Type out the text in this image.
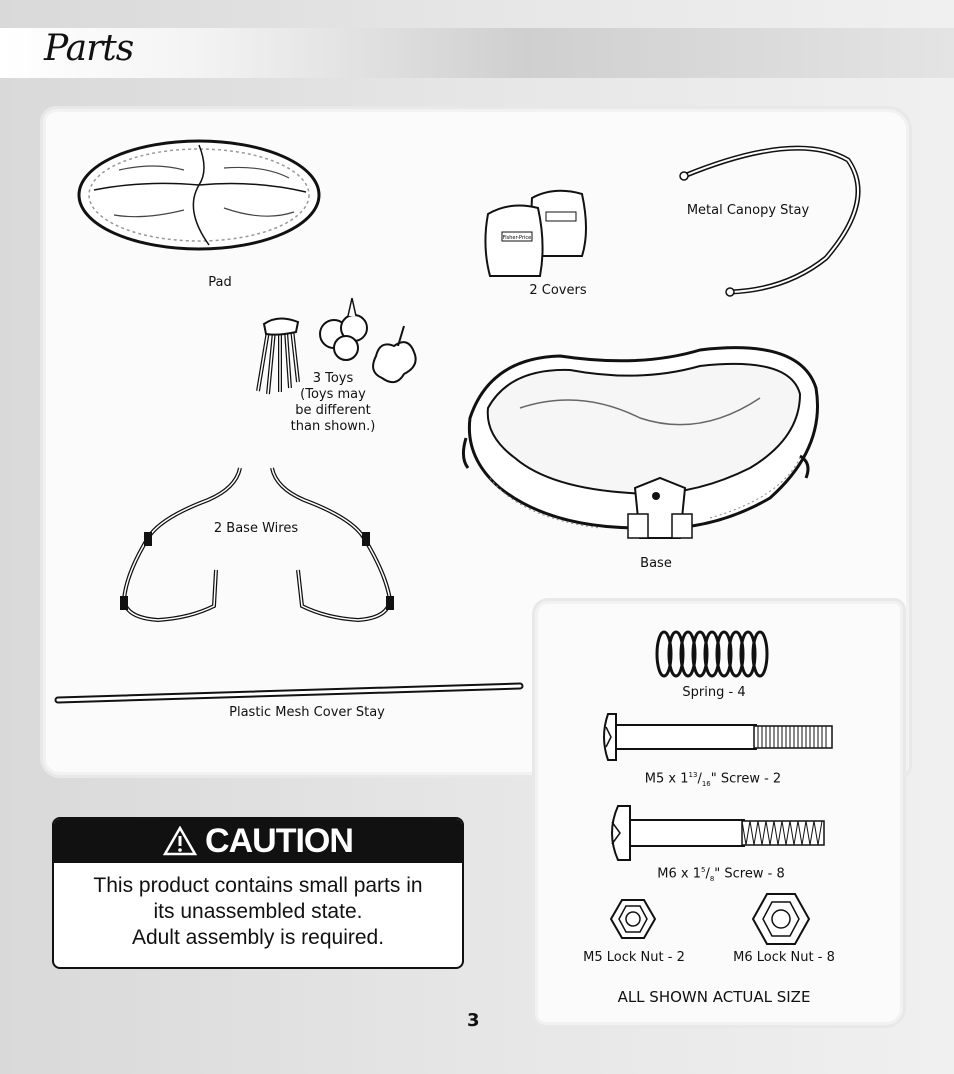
Parts
Pad
Fisher-Price
2 Covers
Metal Canopy Stay
3 Toys
(Toys may
be different
than shown.)
Base
2 Base Wires
Plastic Mesh Cover Stay
Spring - 4
M5 x $1^{13}/_{16}$" Screw - 2
M6 x $1^5/_8$" Screw - 8
M5 Lock Nut - 2	M6 Lock Nut - 8
ALL SHOWN ACTUAL SIZE
CAUTION
This product contains small parts in
its unassembled state.
Adult assembly is required.
3
